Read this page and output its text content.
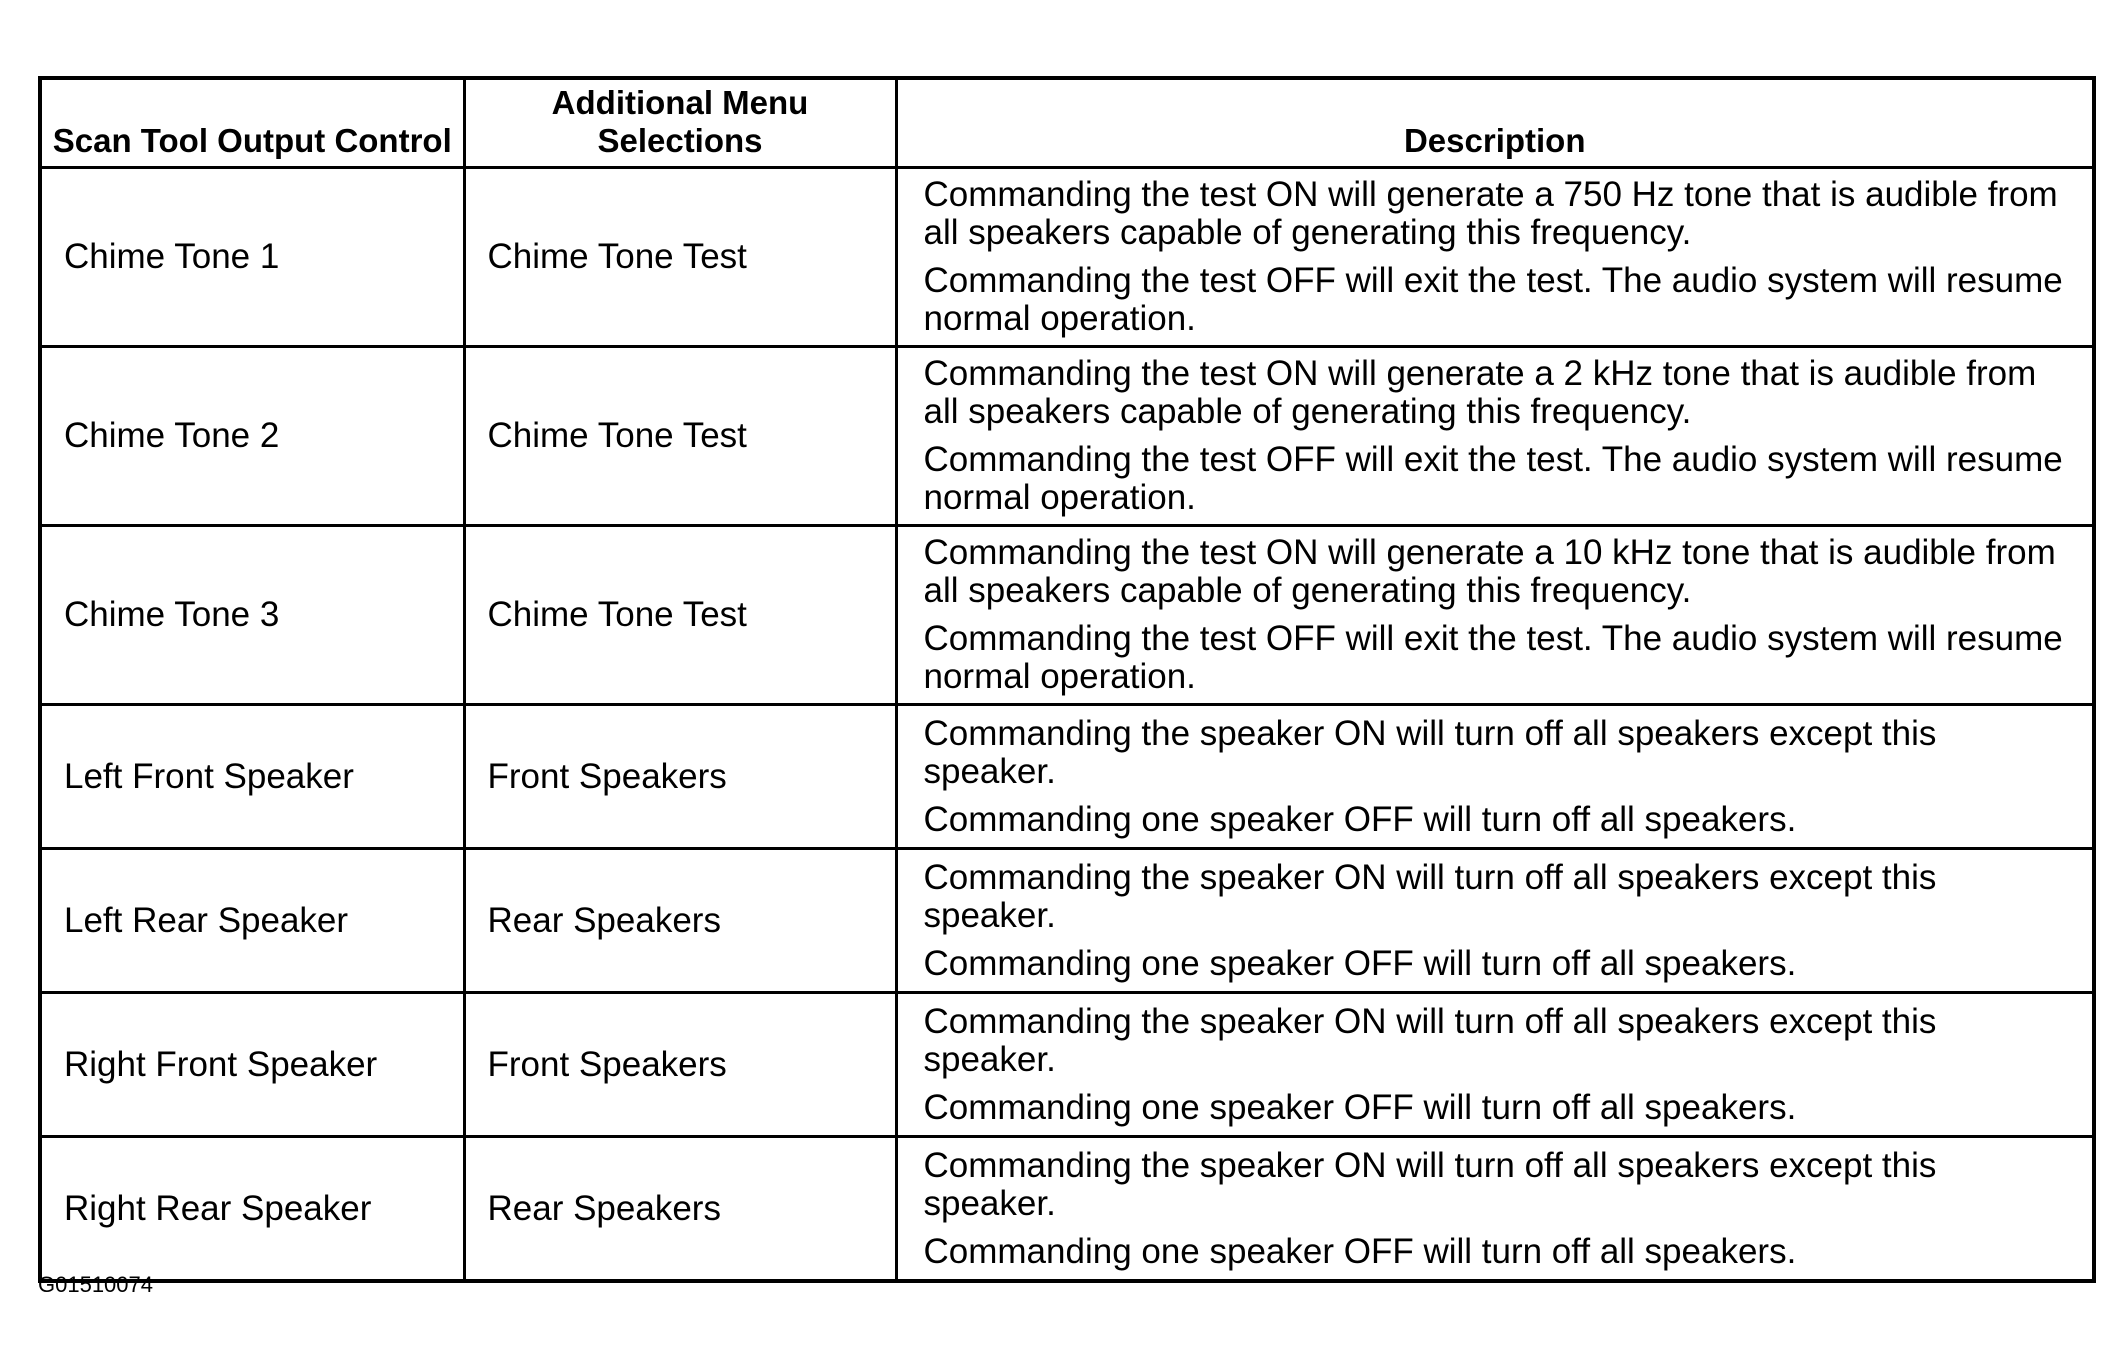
Scan Tool Output Control	Additional Menu Selections	Description
Chime Tone 1	Chime Tone Test	Commanding the test ON will generate a 750 Hz tone that is audible from all speakers capable of generating this frequency.

Commanding the test OFF will exit the test. The audio system will resume normal operation.

Chime Tone 2	Chime Tone Test	Commanding the test ON will generate a 2 kHz tone that is audible from all speakers capable of generating this frequency.

Commanding the test OFF will exit the test. The audio system will resume normal operation.

Chime Tone 3	Chime Tone Test	Commanding the test ON will generate a 10 kHz tone that is audible from all speakers capable of generating this frequency.

Commanding the test OFF will exit the test. The audio system will resume normal operation.

Left Front Speaker	Front Speakers	Commanding the speaker ON will turn off all speakers except this speaker.

Commanding one speaker OFF will turn off all speakers.

Left Rear Speaker	Rear Speakers	Commanding the speaker ON will turn off all speakers except this speaker.

Commanding one speaker OFF will turn off all speakers.

Right Front Speaker	Front Speakers	Commanding the speaker ON will turn off all speakers except this speaker.

Commanding one speaker OFF will turn off all speakers.

Right Rear Speaker	Rear Speakers	Commanding the speaker ON will turn off all speakers except this speaker.

Commanding one speaker OFF will turn off all speakers.

G01510074
